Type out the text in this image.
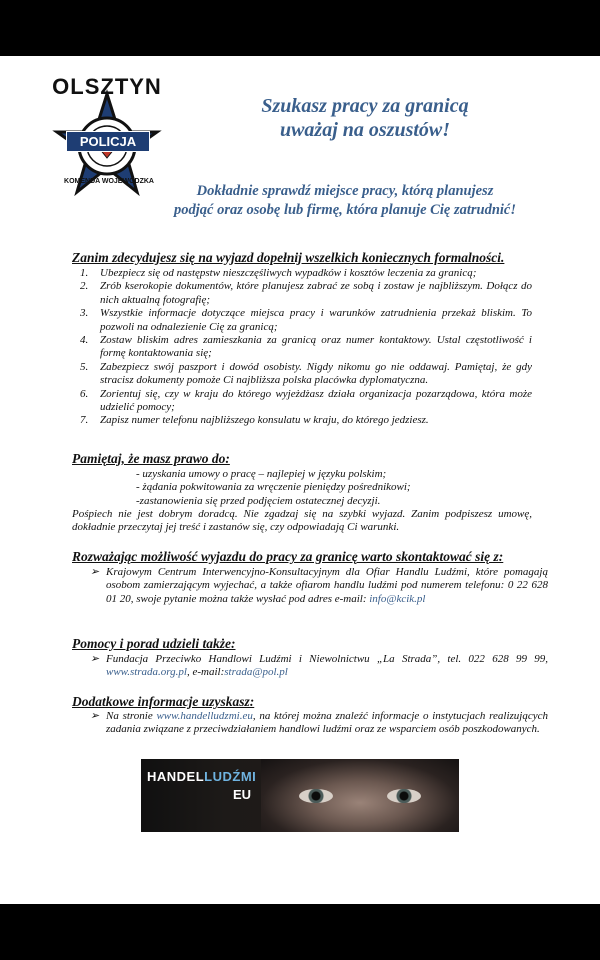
OLSZTYN
POLICJA
KOMENDA WOJEWÓDZKA
Szukasz pracy za granicą
uważaj na oszustów!
Dokładnie sprawdź miejsce pracy, którą planujesz
podjąć oraz osobę lub firmę, która planuje Cię zatrudnić!
Zanim zdecydujesz się na wyjazd dopełnij wszelkich koniecznych formalności.
1. Ubezpiecz się od następstw nieszczęśliwych wypadków i kosztów leczenia za granicą;
2. Zrób kserokopie dokumentów, które planujesz zabrać ze sobą i zostaw je najbliższym. Dołącz do nich aktualną fotografię;
3. Wszystkie informacje dotyczące miejsca pracy i warunków zatrudnienia przekaż bliskim. To pozwoli na odnalezienie Cię za granicą;
4. Zostaw bliskim adres zamieszkania za granicą oraz numer kontaktowy. Ustal częstotliwość i formę kontaktowania się;
5. Zabezpiecz swój paszport i dowód osobisty. Nigdy nikomu go nie oddawaj. Pamiętaj, że gdy stracisz dokumenty pomoże Ci najbliższa polska placówka dyplomatyczna.
6. Zorientuj się, czy w kraju do którego wyjeżdżasz działa organizacja pozarządowa, która może udzielić pomocy;
7. Zapisz numer telefonu najbliższego konsulatu w kraju, do którego jedziesz.
Pamiętaj, że masz prawo do:
- uzyskania umowy o pracę – najlepiej w języku polskim;
- żądania pokwitowania za wręczenie pieniędzy pośrednikowi;
-zastanowienia się przed podjęciem ostatecznej decyzji.
Pośpiech nie jest dobrym doradcą. Nie zgadzaj się na szybki wyjazd. Zanim podpiszesz umowę, dokładnie przeczytaj jej treść i zastanów się, czy odpowiadają Ci warunki.
Rozważając możliwość wyjazdu do pracy za granicę warto skontaktować się z:
➢ Krajowym Centrum Interwencyjno-Konsultacyjnym dla Ofiar Handlu Ludźmi, które pomagają osobom zamierzającym wyjechać, a także ofiarom handlu ludźmi pod numerem telefonu: 0 22 628 01 20, swoje pytanie można także wysłać pod adres e-mail: info@kcik.pl
Pomocy i porad udzieli także:
➢ Fundacja Przeciwko Handlowi Ludźmi i Niewolnictwu „La Strada”, tel. 022 628 99 99, www.strada.org.pl, e-mail:strada@pol.pl
Dodatkowe informacje uzyskasz:
➢ Na stronie www.handelludzmi.eu, na której można znaleźć informacje o instytucjach realizujących zadania związane z przeciwdziałaniem handlowi ludźmi oraz ze wsparciem osób poszkodowanych.
HANDELLUDŹMI
EU
